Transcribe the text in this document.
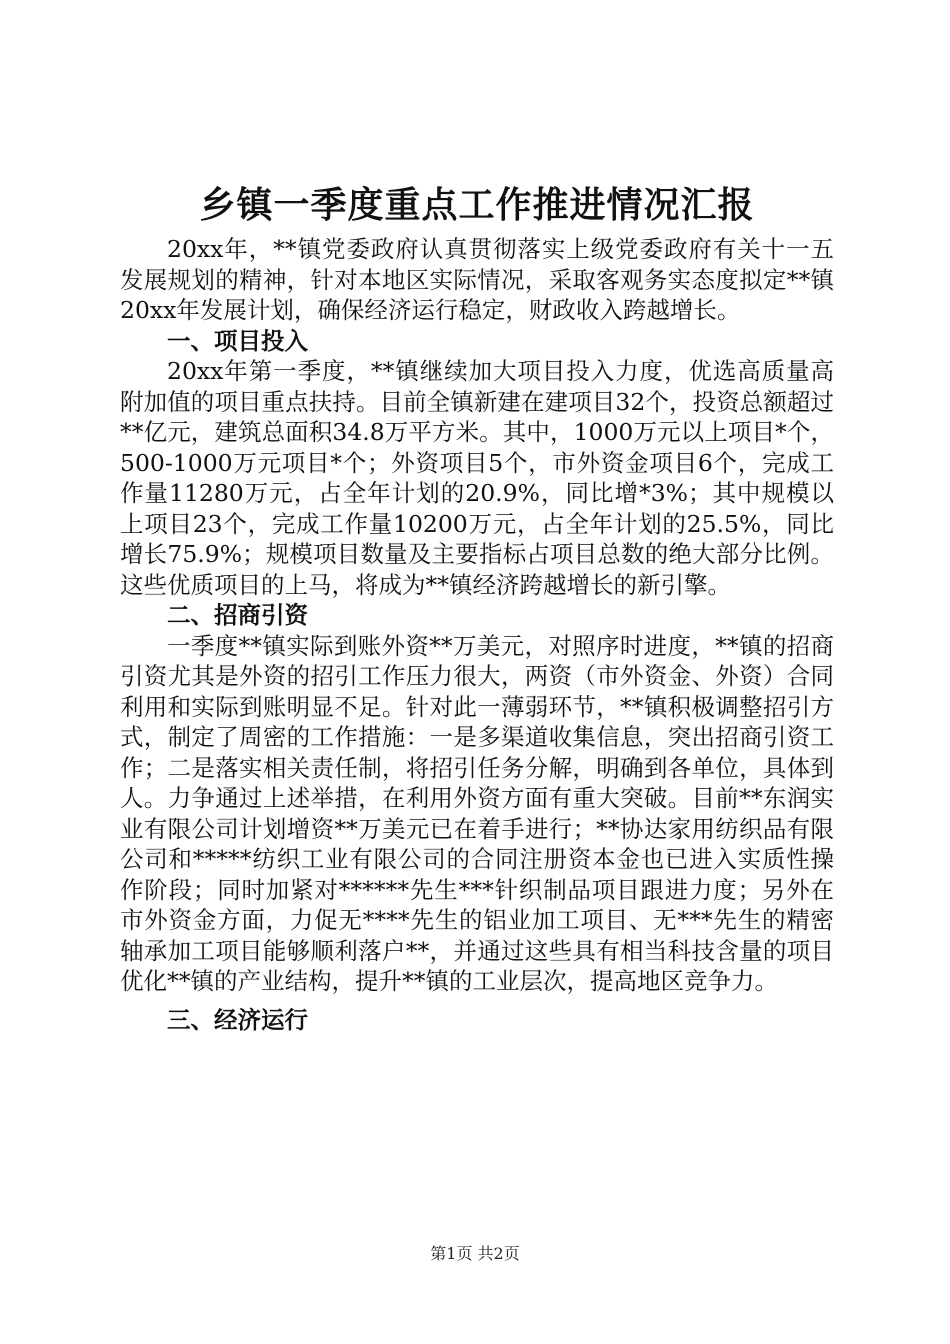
乡镇一季度重点工作推进情况汇报

20xx年，**镇党委政府认真贯彻落实上级党委政府有关十一五发展规划的精神，针对本地区实际情况，采取客观务实态度拟定**镇20xx年发展计划，确保经济运行稳定，财政收入跨越增长。

一、项目投入

20xx年第一季度，**镇继续加大项目投入力度，优选高质量高附加值的项目重点扶持。目前全镇新建在建项目32个，投资总额超过**亿元，建筑总面积34.8万平方米。其中，1000万元以上项目*个，500-1000万元项目*个；外资项目5个，市外资金项目6个，完成工作量11280万元，占全年计划的20.9%，同比增*3%；其中规模以上项目23个，完成工作量10200万元，占全年计划的25.5%，同比增长75.9%；规模项目数量及主要指标占项目总数的绝大部分比例。这些优质项目的上马，将成为**镇经济跨越增长的新引擎。

二、招商引资

一季度**镇实际到账外资**万美元，对照序时进度，**镇的招商引资尤其是外资的招引工作压力很大，两资（市外资金、外资）合同利用和实际到账明显不足。针对此一薄弱环节，**镇积极调整招引方式，制定了周密的工作措施：一是多渠道收集信息，突出招商引资工作；二是落实相关责任制，将招引任务分解，明确到各单位，具体到人。力争通过上述举措，在利用外资方面有重大突破。目前**东润实业有限公司计划增资**万美元已在着手进行；**协达家用纺织品有限公司和*****纺织工业有限公司的合同注册资本金也已进入实质性操作阶段；同时加紧对******先生***针织制品项目跟进力度；另外在市外资金方面，力促无****先生的铝业加工项目、无***先生的精密轴承加工项目能够顺利落户**，并通过这些具有相当科技含量的项目优化**镇的产业结构，提升**镇的工业层次，提高地区竞争力。

三、经济运行
第1页 共2页
